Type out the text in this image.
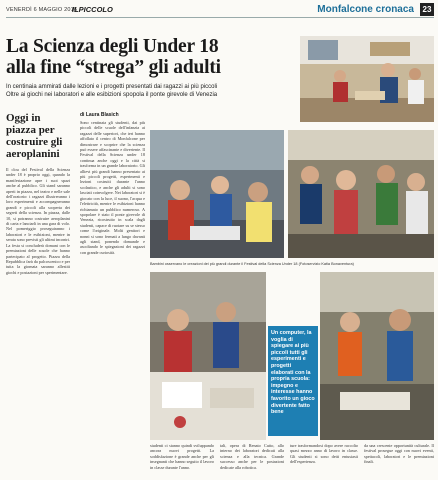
VENERDÌ 6 MAGGIO 2016
ILPICCOLO	Monfalcone cronaca	23
La Scienza degli Under 18
alla fine “strega” gli adulti
In centinaia ammirati dalle lezioni e i progetti presentati dai ragazzi ai più piccoli
Oltre ai giochi nei laboratori e alle esibizioni spopola il ponte girevole di Venezia
Oggi in piazza per costruire gli aeroplanini
Il clou del Festival della Scienza under 18 è proprio oggi, quando la manifestazione apre i suoi spazi anche al pubblico. Gli stand saranno aperti in piazza, nel teatro e nelle sale dell'oratorio: i ragazzi illustreranno i loro esperimenti e accompagneranno grandi e piccoli alla scoperta dei segreti della scienza. In piazza, dalle 10, si potranno costruire aeroplanini di carta e lanciarli in una gara di volo. Nel pomeriggio proseguiranno i laboratori e le esibizioni, mentre in serata sono previsti gli ultimi incontri. La festa si concluderà domani con le premiazioni delle scuole che hanno partecipato al progetto. Piazza della Repubblica farà da palcoscenico e per tutta la giornata saranno allestiti giochi e postazioni per sperimentare.
di Laura Blasich
Sono centinaia gli studenti, dai più piccoli delle scuole dell'infanzia ai ragazzi delle superiori, che ieri hanno affollato il centro di Monfalcone per dimostrare e scoprire che la scienza può essere affascinante e divertente. Il Festival della Scienza under 18 continua anche oggi e la città si trasforma in un grande laboratorio. Gli allievi più grandi hanno presentato ai più piccoli progetti, esperimenti e lezioni costruiti durante l'anno scolastico, e anche gli adulti si sono lasciati coinvolgere. Nei laboratori si è giocato con la luce, il suono, l'acqua e l'elettricità, mentre le esibizioni hanno richiamato un pubblico numeroso. A spopolare è stato il ponte girevole di Venezia, ricostruito in scala dagli studenti, capace di ruotare su se stesso come l'originale. Molti genitori e nonni si sono fermati a lungo davanti agli stand, ponendo domande e ascoltando le spiegazioni dei ragazzi con grande curiosità.
Bambini osservano le creazioni dei più grandi durante il Festival della Scienza Under 18 (Fotoservizio Katia Bonaventura)
Un computer, la voglia di spiegare ai più piccoli tutti gli esperimenti e progetti elaborati con la propria scuola: impegno e interesse hanno favorito un gioco divertente fatto bene
studenti ci stanno quindi sviluppando ancora nuovi progetti. La soddisfazione è grande anche per gli insegnanti che hanno seguito il lavoro in classe durante l'anno.
tali, opera di Renato Cutto, allo interno dei laboratori dedicati alla scienza e alla tecnica. Grande successo anche per le postazioni dedicate alla robotica.
ture trasformandosi dopo avere raccolto quasi mezzo anno di lavoro in classe. Gli studenti si sono detti entusiasti dell'esperienza.
da una crescente opportunità culturale. Il festival prosegue oggi con nuovi eventi, spettacoli, laboratori e le premiazioni finali.
